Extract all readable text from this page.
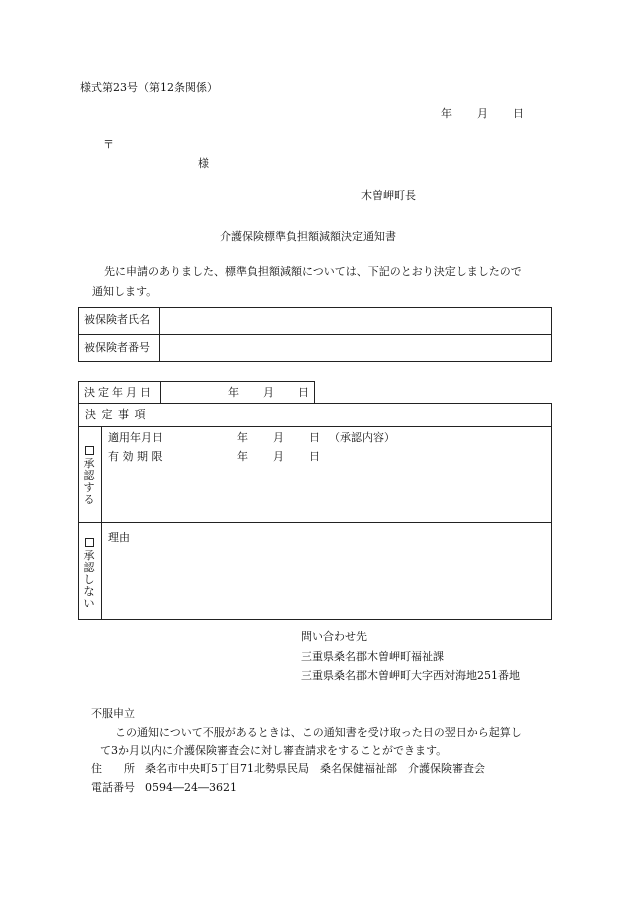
様式第23号（第12条関係）
年 月 日
〒
様
木曽岬町長
介護保険標準負担額減額決定通知書
先に申請のありました、標準負担額減額については、下記のとおり決定しましたので
通知します。
被保険者氏名
被保険者番号
決定年月日	年 月 日
決 定 事 項
承
認
す
る
適用年月日	年 月 日 （承認内容）
有 効 期 限	年 月 日
承
認
し
な
い
理由
問い合わせ先
三重県桑名郡木曽岬町福祉課
三重県桑名郡木曽岬町大字西対海地251番地
不服申立
この通知について不服があるときは、この通知書を受け取った日の翌日から起算し
て3か月以内に介護保険審査会に対し審査請求をすることができます。
住　　所 桑名市中央町5丁目71北勢県民局　桑名保健福祉部　介護保険審査会
電話番号 0594―24―3621
